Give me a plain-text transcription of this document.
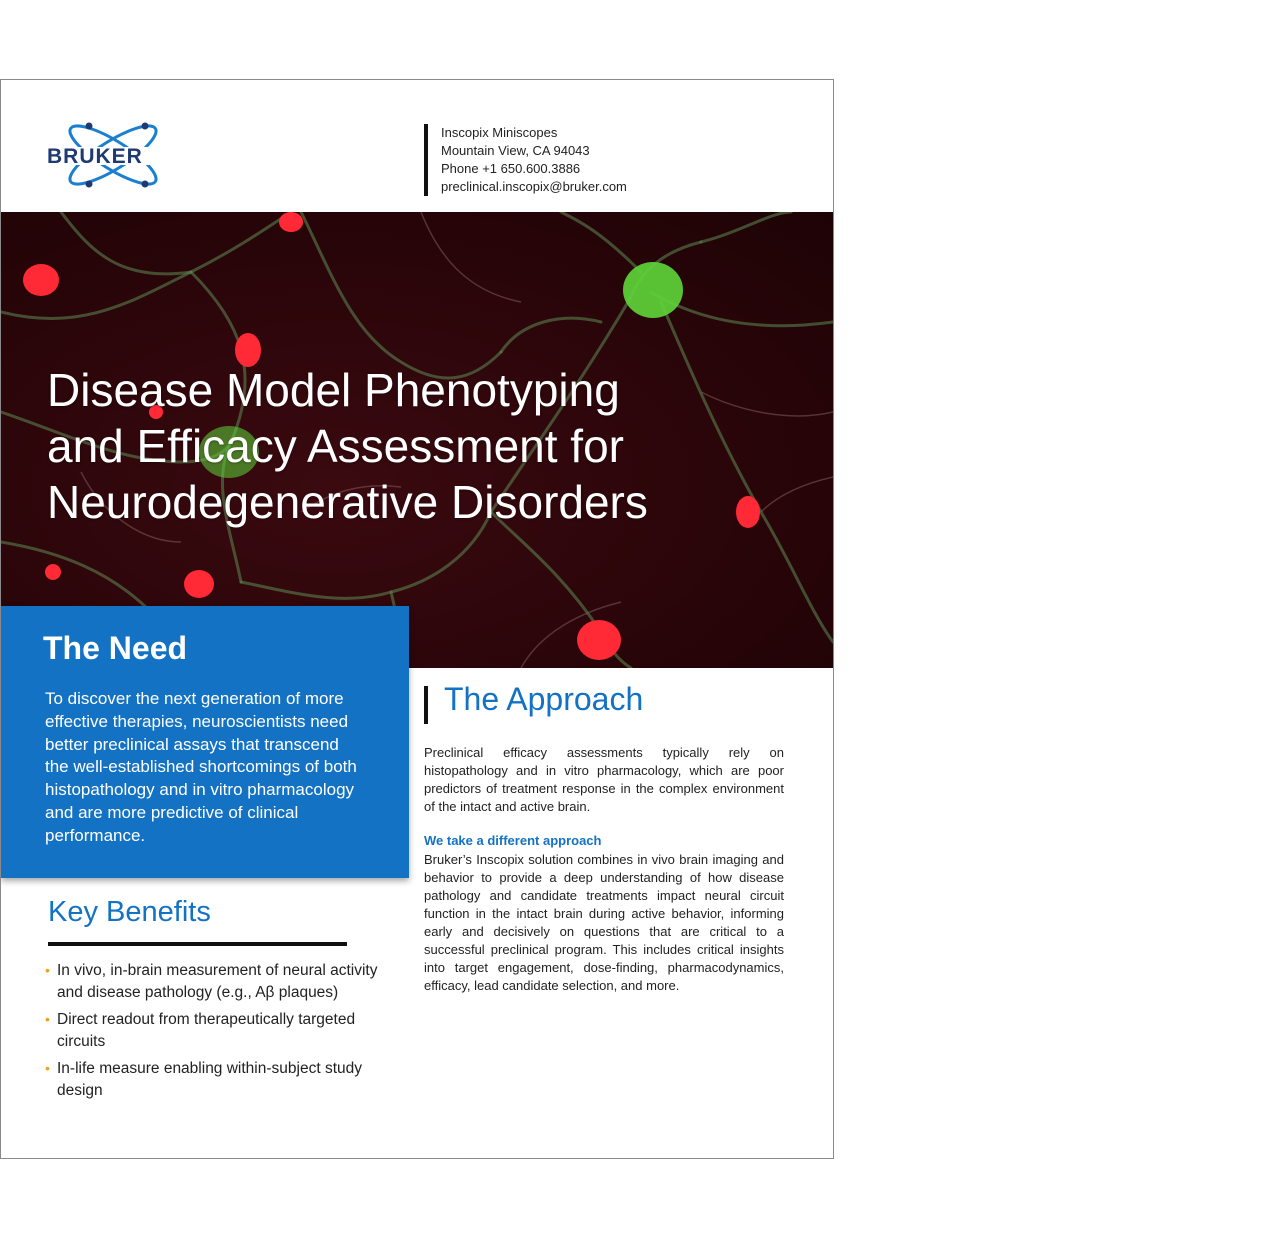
BRUKER
Inscopix Miniscopes
Mountain View, CA 94043
Phone +1 650.600.3886
preclinical.inscopix@bruker.com
Disease Model Phenotyping
and Efficacy Assessment for
Neurodegenerative Disorders
The Need

To discover the next generation of more effective therapies, neuroscientists need better preclinical assays that transcend the well-established shortcomings of both histopathology and in vitro pharmacology and are more predictive of clinical performance.

The Approach

Preclinical efficacy assessments typically rely on histopathology and in vitro pharmacology, which are poor predictors of treatment response in the complex environment of the intact and active brain.

We take a different approach

Bruker’s Inscopix solution combines in vivo brain imaging and behavior to provide a deep understanding of how disease pathology and candidate treatments impact neural circuit function in the intact brain during active behavior, informing early and decisively on questions that are critical to a successful preclinical program. This includes critical insights into target engagement, dose-finding, pharmacodynamics, efficacy, lead candidate selection, and more.

Key Benefits
• In vivo, in-brain measurement of neural activity and disease pathology (e.g., Aβ plaques)
• Direct readout from therapeutically targeted circuits
• In-life measure enabling within-subject study design
